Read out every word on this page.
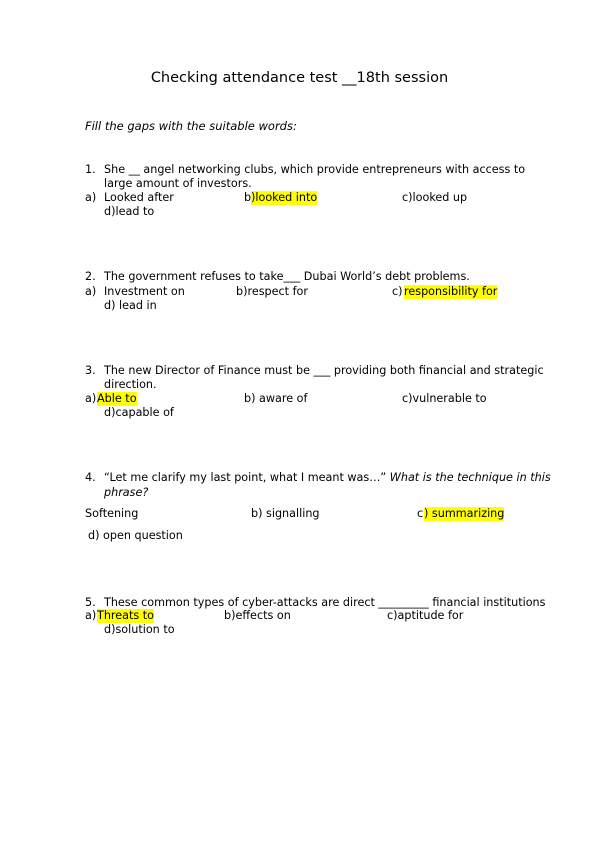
Checking attendance test __18th session
Fill the gaps with the suitable words:
1. She __ angel networking clubs, which provide entrepreneurs with access to
large amount of investors.
a) Looked after	b )looked into	c)looked up
d)lead to
2. The government refuses to take___ Dubai World’s debt problems.
a) Investment on	b)respect for	c) responsibility for
d) lead in
3. The new Director of Finance must be ___ providing both financial and strategic
direction.
a) Able to	b) aware of	c)vulnerable to
d)capable of
4. “Let me clarify my last point, what I meant was…” What is the technique in this
phrase?
Softening	b) signalling	c ) summarizing
d) open question
5. These common types of cyber-attacks are direct _________ financial institutions
a) Threats to	b)effects on	c)aptitude for
d)solution to
